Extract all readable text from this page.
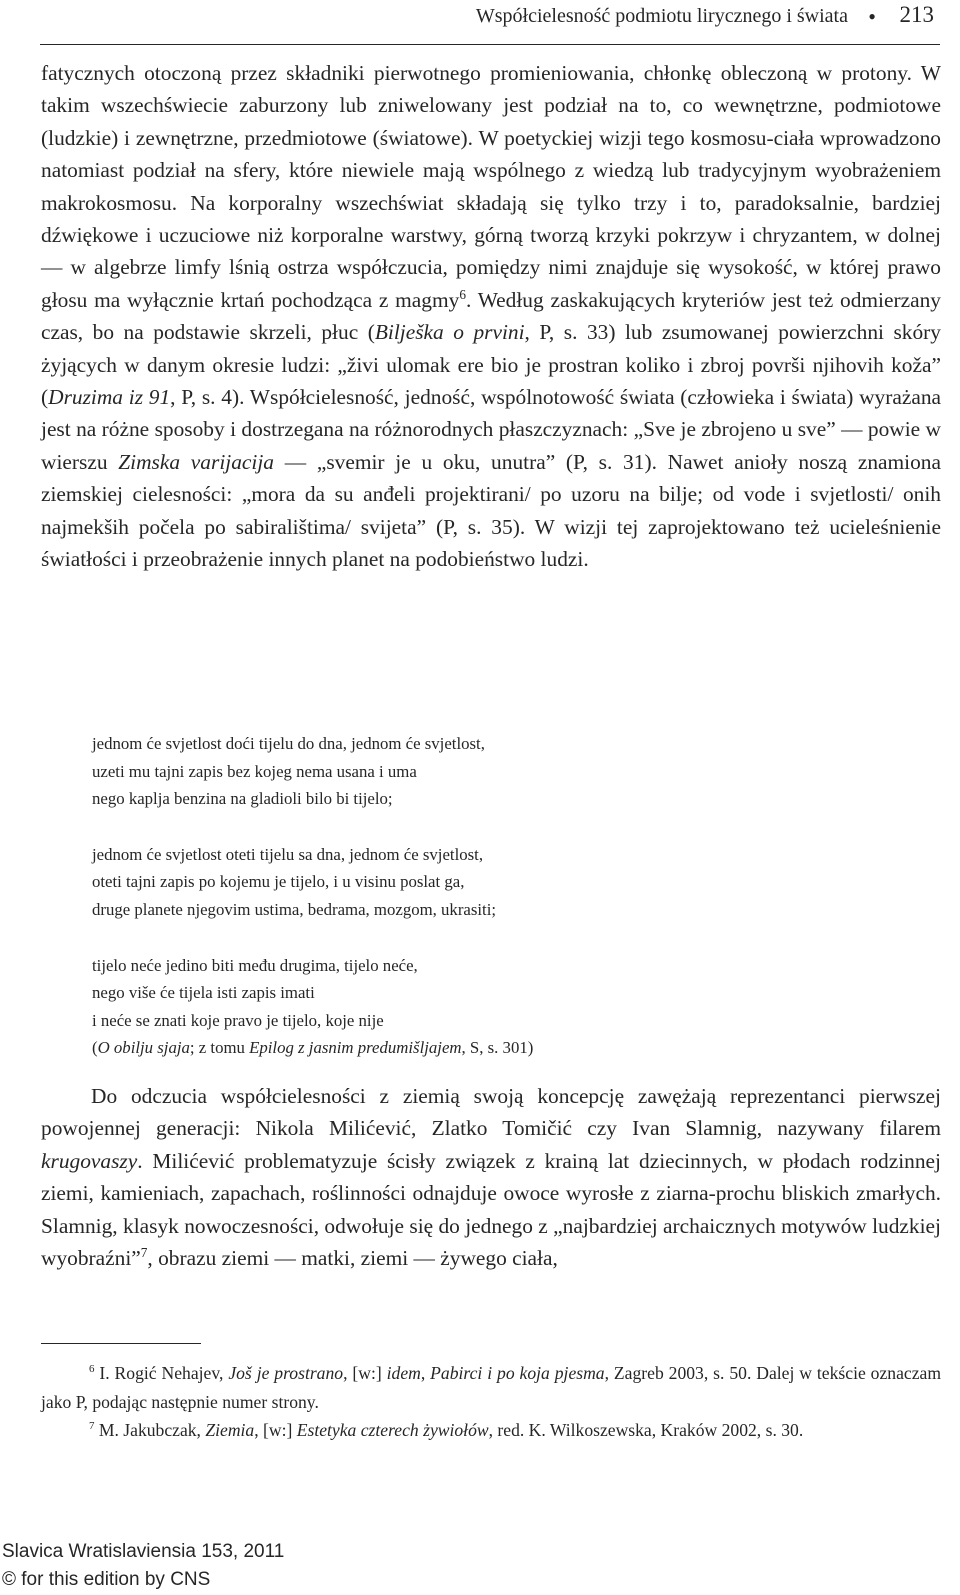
Współcielesność podmiotu lirycznego i świata • 213

fatycznych otoczoną przez składniki pierwotnego promieniowania, chłonkę obleczoną w protony. W takim wszechświecie zaburzony lub zniwelowany jest podział na to, co wewnętrzne, podmiotowe (ludzkie) i zewnętrzne, przedmiotowe (światowe). W poetyckiej wizji tego kosmosu-ciała wprowadzono natomiast podział na sfery, które niewiele mają wspólnego z wiedzą lub tradycyjnym wyobrażeniem makrokosmosu. Na korporalny wszechświat składają się tylko trzy i to, paradoksalnie, bardziej dźwiękowe i uczuciowe niż korporalne warstwy, górną tworzą krzyki pokrzyw i chryzantem, w dolnej — w algebrze limfy lśnią ostrza współczucia, pomiędzy nimi znajduje się wysokość, w której prawo głosu ma wyłącznie krtań pochodząca z magmy$^6$. Według zaskakujących kryteriów jest też odmierzany czas, bo na podstawie skrzeli, płuc (Bilješka o prvini, P, s. 33) lub zsumowanej powierzchni skóry żyjących w danym okresie ludzi: „živi ulomak ere bio je prostran koliko i zbroj površi njihovih koža” (Druzima iz 91, P, s. 4). Współcielesność, jedność, wspólnotowość świata (człowieka i świata) wyrażana jest na różne sposoby i dostrzegana na różnorodnych płaszczyznach: „Sve je zbrojeno u sve” — powie w wierszu Zimska varijacija — „svemir je u oku, unutra” (P, s. 31). Nawet anioły noszą znamiona ziemskiej cielesności: „mora da su anđeli projektirani/ po uzoru na bilje; od vode i svjetlosti/ onih najmekših počela po sabiralištima/ svijeta” (P, s. 35). W wizji tej zaprojektowano też ucieleśnienie światłości i przeobrażenie innych planet na podobieństwo ludzi.

jednom će svjetlost doći tijelu do dna, jednom će svjetlost,
uzeti mu tajni zapis bez kojeg nema usana i uma
nego kaplja benzina na gladioli bilo bi tijelo;
jednom će svjetlost oteti tijelu sa dna, jednom će svjetlost,
oteti tajni zapis po kojemu je tijelo, i u visinu poslat ga,
druge planete njegovim ustima, bedrama, mozgom, ukrasiti;
tijelo neće jedino biti među drugima, tijelo neće,
nego više će tijela isti zapis imati
i neće se znati koje pravo je tijelo, koje nije
(O obilju sjaja; z tomu Epilog z jasnim predumišljajem, S, s. 301)

Do odczucia współcielesności z ziemią swoją koncepcję zawężają reprezentanci pierwszej powojennej generacji: Nikola Milićević, Zlatko Tomičić czy Ivan Slamnig, nazywany filarem krugovaszy. Milićević problematyzuje ścisły związek z krainą lat dziecinnych, w płodach rodzinnej ziemi, kamieniach, zapachach, roślinności odnajduje owoce wyrosłe z ziarna-prochu bliskich zmarłych. Slamnig, klasyk nowoczesności, odwołuje się do jednego z „najbardziej archaicznych motywów ludzkiej wyobraźni”$^7$, obrazu ziemi — matki, ziemi — żywego ciała,

$^6$ I. Rogić Nehajev, Još je prostrano, [w:] idem, Pabirci i po koja pjesma, Zagreb 2003, s. 50. Dalej w tekście oznaczam jako P, podając następnie numer strony.
$^7$ M. Jakubczak, Ziemia, [w:] Estetyka czterech żywiołów, red. K. Wilkoszewska, Kraków 2002, s. 30.
Slavica Wratislaviensia 153, 2011
© for this edition by CNS
